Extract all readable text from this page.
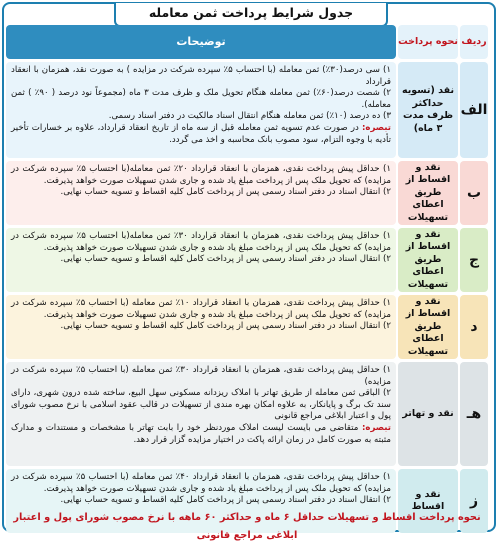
جدول شرایط پرداخت ثمن معامله
ردیف
نحوه پرداخت
توضیحات
الف
نقد (تسویه حداکثر ظرف مدت ۳ ماه)

۱) سی درصد(۳۰٪) ثمن معامله (با احتساب ۵٪ سپرده شرکت در مزایده ) به صورت نقد، همزمان با انعقاد قرارداد

۲) شصت درصد(۶۰٪) ثمن معامله هنگام تحویل ملک و ظرف مدت ۳ ماه (مجموعاً نود درصد ( ۹۰٪ ) ثمن معامله).

۳) ده درصد (۱۰٪) ثمن معامله هنگام انتقال اسناد مالکیت در دفتر اسناد رسمی.

تبصره: در صورت عدم تسویه ثمن معامله قبل از سه ماه از تاریخ انعقاد قرارداد، علاوه بر خسارات تأخیر تأدیه با وجوه التزام، سود مصوب بانک محاسبه و اخذ می گردد.

ب
نقد و اقساط از طریق اعطای تسهیلات

۱) حداقل پیش پرداخت نقدی، همزمان با انعقاد قرارداد ۲۰٪ ثمن معامله(با احتساب ۵٪ سپرده شرکت در مزایده) که تحویل ملک پس از پرداخت مبلغ یاد شده و جاری شدن تسهیلات صورت خواهد پذیرفت.

۲) انتقال اسناد در دفتر اسناد رسمی پس از پرداخت کامل کلیه اقساط و تسویه حساب نهایی.

ج
نقد و اقساط از طریق اعطای تسهیلات

۱) حداقل پیش پرداخت نقدی، همزمان با انعقاد قرارداد ۳۰٪ ثمن معامله(با احتساب ۵٪ سپرده شرکت در مزایده) که تحویل ملک پس از پرداخت مبلغ یاد شده و جاری شدن تسهیلات صورت خواهد پذیرفت.

۲) انتقال اسناد در دفتر اسناد رسمی پس از پرداخت کامل کلیه اقساط و تسویه حساب نهایی.

د
نقد و اقساط از طریق اعطای تسهیلات

۱) حداقل پیش پرداخت نقدی، همزمان با انعقاد قرارداد ۱۰٪ ثمن معامله (با احتساب ۵٪ سپرده شرکت در مزایده) که تحویل ملک پس از پرداخت مبلغ یاد شده و جاری شدن تسهیلات صورت خواهد پذیرفت.

۲) انتقال اسناد در دفتر اسناد رسمی پس از پرداخت کامل کلیه اقساط و تسویه حساب نهایی.

هـ
نقد و تهاتر

۱) حداقل پیش پرداخت نقدی، همزمان با انعقاد قرارداد ۳۰٪ ثمن معامله (با احتساب ۵٪ سپرده شرکت در مزایده)

۲) الباقی ثمن معامله از طریق تهاتر با املاک ریزدانه مسکونی سهل البیع، ساخته شده درون شهری، دارای سند تک برگ و پایانکار، به علاوه امکان بهره مندی از تسهیلات در قالب عقود اسلامی با نرخ مصوب شورای پول و اعتبار ابلاغی مراجع قانونی

تبصره: متقاضی می بایست لیست املاک موردنظر خود را بابت تهاتر با مشخصات و مستندات و مدارک مثبته به صورت کامل در زمان ارائه پاکت در اختیار مزایده گزار قرار دهد.

ز
نقد و اقساط

۱) حداقل پیش پرداخت نقدی، همزمان با انعقاد قرارداد ۴۰٪ ثمن معامله (با احتساب ۵٪ سپرده شرکت در مزایده) که تحویل ملک پس از پرداخت مبلغ یاد شده و جاری شدن تسهیلات صورت خواهد پذیرفت.

۲) انتقال اسناد در دفتر اسناد رسمی پس از پرداخت کامل کلیه اقساط و تسویه حساب نهایی.

نحوه پرداخت اقساط و تسهیلات حداقل ۶ ماه و حداکثر ۶۰ ماهه با نرخ مصوب شورای پول و اعتبار ابلاغی مراجع قانونی
